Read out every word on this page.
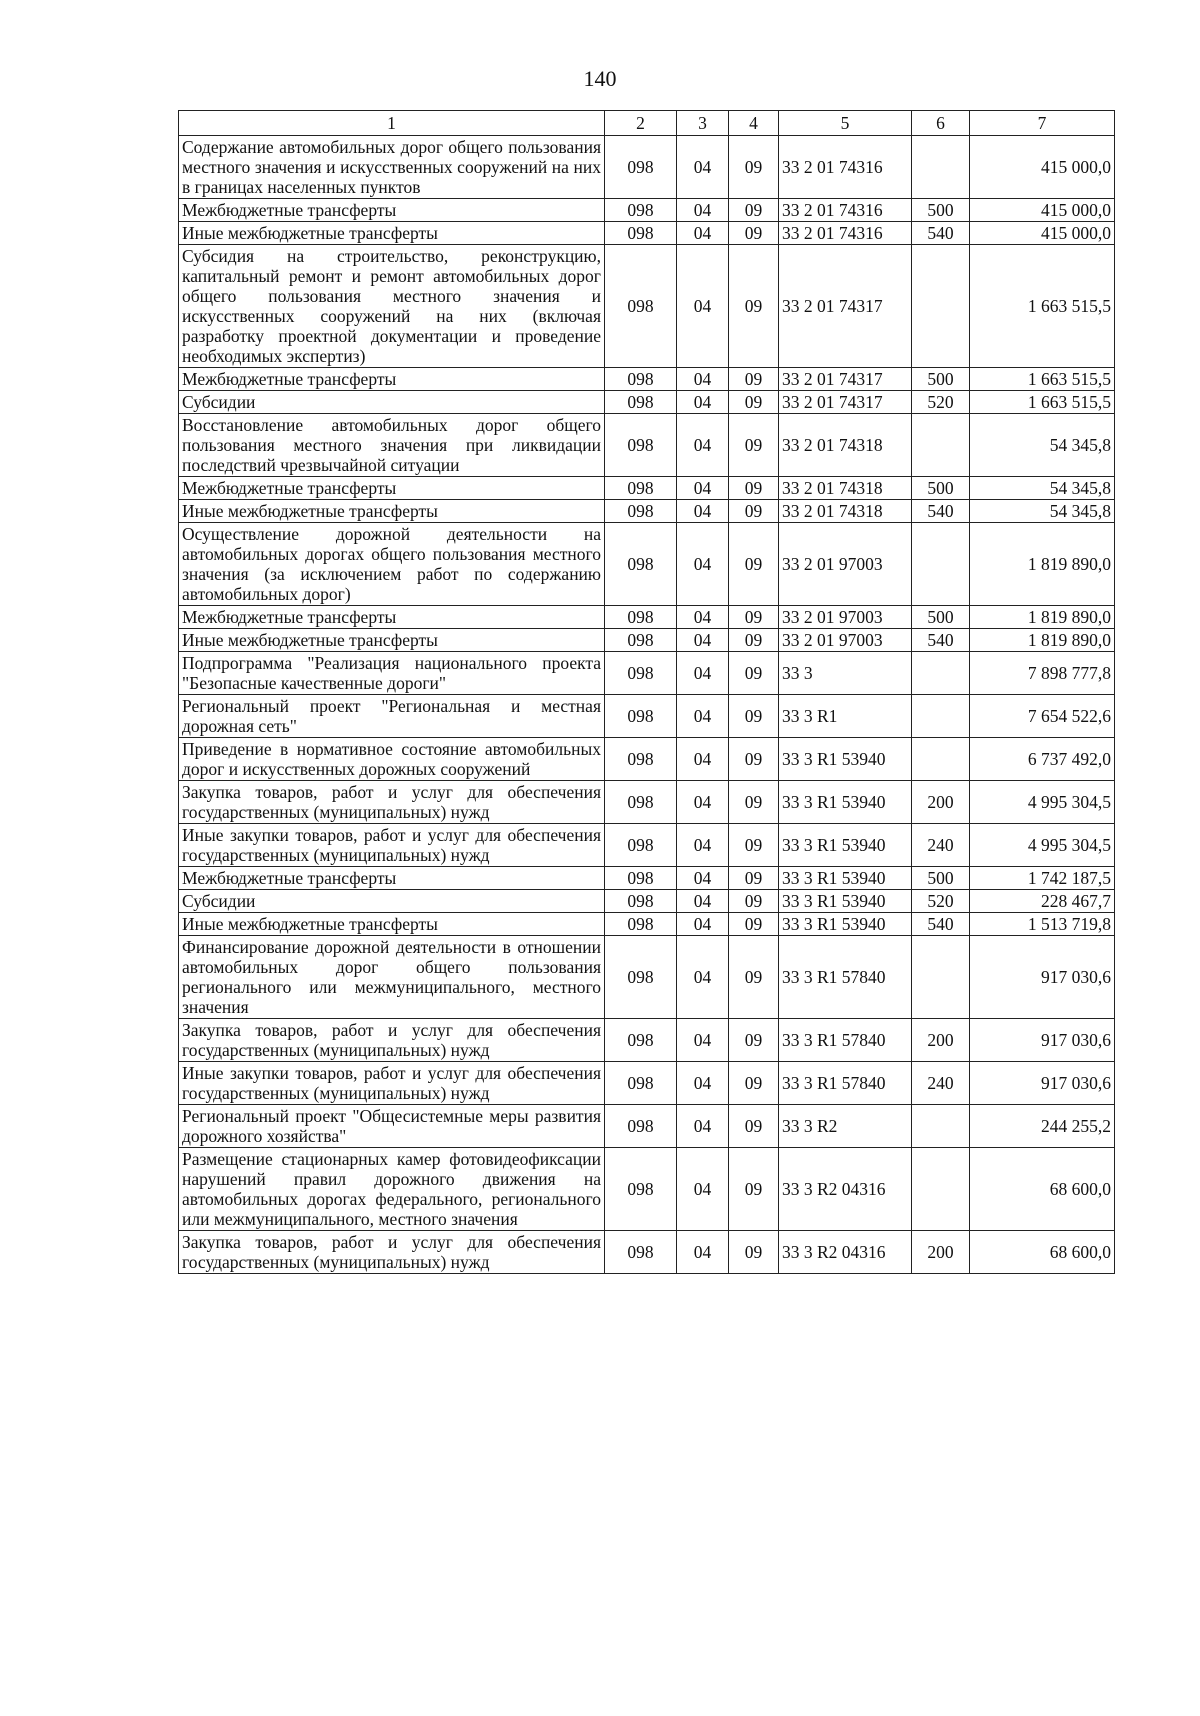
140
1	2	3	4	5	6	7
Содержание автомобильных дорог общего пользования местного значения и искусственных сооружений на них в границах населенных пунктов	098	04	09	33 2 01 74316		415 000,0
Межбюджетные трансферты	098	04	09	33 2 01 74316	500	415 000,0
Иные межбюджетные трансферты	098	04	09	33 2 01 74316	540	415 000,0
Субсидия на строительство, реконструкцию, капитальный ремонт и ремонт автомобильных дорог общего пользования местного значения и искусственных сооружений на них (включая разработку проектной документации и проведение необходимых экспертиз)	098	04	09	33 2 01 74317		1 663 515,5
Межбюджетные трансферты	098	04	09	33 2 01 74317	500	1 663 515,5
Субсидии	098	04	09	33 2 01 74317	520	1 663 515,5
Восстановление автомобильных дорог общего пользования местного значения при ликвидации последствий чрезвычайной ситуации	098	04	09	33 2 01 74318		54 345,8
Межбюджетные трансферты	098	04	09	33 2 01 74318	500	54 345,8
Иные межбюджетные трансферты	098	04	09	33 2 01 74318	540	54 345,8
Осуществление дорожной деятельности на автомобильных дорогах общего пользования местного значения (за исключением работ по содержанию автомобильных дорог)	098	04	09	33 2 01 97003		1 819 890,0
Межбюджетные трансферты	098	04	09	33 2 01 97003	500	1 819 890,0
Иные межбюджетные трансферты	098	04	09	33 2 01 97003	540	1 819 890,0
Подпрограмма "Реализация национального проекта "Безопасные качественные дороги"	098	04	09	33 3		7 898 777,8
Региональный проект "Региональная и местная дорожная сеть"	098	04	09	33 3 R1		7 654 522,6
Приведение в нормативное состояние автомобильных дорог и искусственных дорожных сооружений	098	04	09	33 3 R1 53940		6 737 492,0
Закупка товаров, работ и услуг для обеспечения государственных (муниципальных) нужд	098	04	09	33 3 R1 53940	200	4 995 304,5
Иные закупки товаров, работ и услуг для обеспечения государственных (муниципальных) нужд	098	04	09	33 3 R1 53940	240	4 995 304,5
Межбюджетные трансферты	098	04	09	33 3 R1 53940	500	1 742 187,5
Субсидии	098	04	09	33 3 R1 53940	520	228 467,7
Иные межбюджетные трансферты	098	04	09	33 3 R1 53940	540	1 513 719,8
Финансирование дорожной деятельности в отношении автомобильных дорог общего пользования регионального или межмуниципального, местного значения	098	04	09	33 3 R1 57840		917 030,6
Закупка товаров, работ и услуг для обеспечения государственных (муниципальных) нужд	098	04	09	33 3 R1 57840	200	917 030,6
Иные закупки товаров, работ и услуг для обеспечения государственных (муниципальных) нужд	098	04	09	33 3 R1 57840	240	917 030,6
Региональный проект "Общесистемные меры развития дорожного хозяйства"	098	04	09	33 3 R2		244 255,2
Размещение стационарных камер фотовидеофиксации нарушений правил дорожного движения на автомобильных дорогах федерального, регионального или межмуниципального, местного значения	098	04	09	33 3 R2 04316		68 600,0
Закупка товаров, работ и услуг для обеспечения государственных (муниципальных) нужд	098	04	09	33 3 R2 04316	200	68 600,0
